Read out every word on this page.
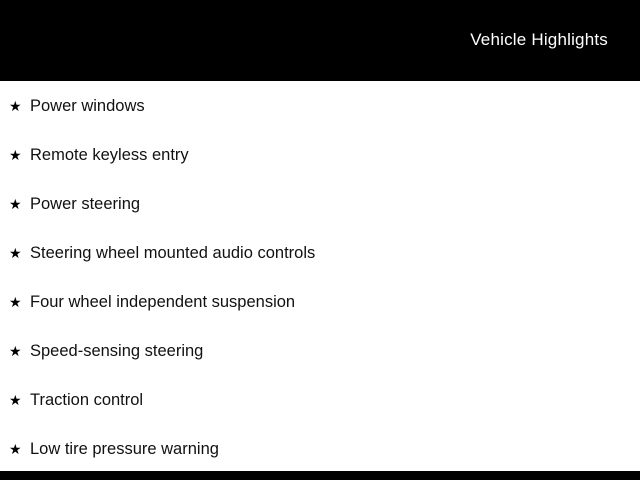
Vehicle Highlights
★ Power windows
★ Remote keyless entry
★ Power steering
★ Steering wheel mounted audio controls
★ Four wheel independent suspension
★ Speed-sensing steering
★ Traction control
★ Low tire pressure warning
